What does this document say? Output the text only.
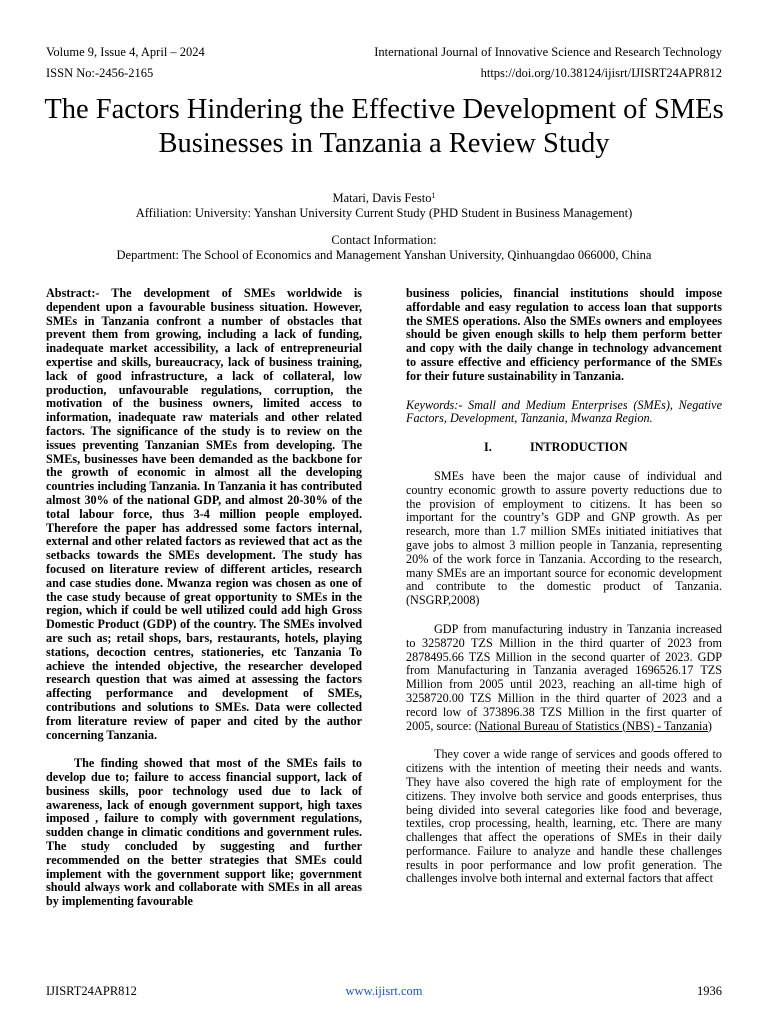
Volume 9, Issue 4, April – 2024	International Journal of Innovative Science and Research Technology
ISSN No:-2456-2165	https://doi.org/10.38124/ijisrt/IJISRT24APR812
The Factors Hindering the Effective Development of SMEs Businesses in Tanzania a Review Study
Matari, Davis Festo$^1$
Affiliation: University: Yanshan University Current Study (PHD Student in Business Management)
Contact Information:
Department: The School of Economics and Management Yanshan University, Qinhuangdao 066000, China

Abstract:- The development of SMEs worldwide is dependent upon a favourable business situation. However, SMEs in Tanzania confront a number of obstacles that prevent them from growing, including a lack of funding, inadequate market accessibility, a lack of entrepreneurial expertise and skills, bureaucracy, lack of business training, lack of good infrastructure, a lack of collateral, low production, unfavourable regulations, corruption, the motivation of the business owners, limited access to information, inadequate raw materials and other related factors. The significance of the study is to review on the issues preventing Tanzanian SMEs from developing. The SMEs, businesses have been demanded as the backbone for the growth of economic in almost all the developing countries including Tanzania. In Tanzania it has contributed almost 30% of the national GDP, and almost 20-30% of the total labour force, thus 3-4 million people employed. Therefore the paper has addressed some factors internal, external and other related factors as reviewed that act as the setbacks towards the SMEs development. The study has focused on literature review of different articles, research and case studies done. Mwanza region was chosen as one of the case study because of great opportunity to SMEs in the region, which if could be well utilized could add high Gross Domestic Product (GDP) of the country. The SMEs involved are such as; retail shops, bars, restaurants, hotels, playing stations, decoction centres, stationeries, etc Tanzania To achieve the intended objective, the researcher developed research question that was aimed at assessing the factors affecting performance and development of SMEs, contributions and solutions to SMEs. Data were collected from literature review of paper and cited by the author concerning Tanzania.

The finding showed that most of the SMEs fails to develop due to; failure to access financial support, lack of business skills, poor technology used due to lack of awareness, lack of enough government support, high taxes imposed , failure to comply with government regulations, sudden change in climatic conditions and government rules. The study concluded by suggesting and further recommended on the better strategies that SMEs could implement with the government support like; government should always work and collaborate with SMEs in all areas by implementing favourable

business policies, financial institutions should impose affordable and easy regulation to access loan that supports the SMES operations. Also the SMEs owners and employees should be given enough skills to help them perform better and copy with the daily change in technology advancement to assure effective and efficiency performance of the SMEs for their future sustainability in Tanzania.

Keywords:- Small and Medium Enterprises (SMEs), Negative Factors, Development, Tanzania, Mwanza Region.

I.	INTRODUCTION

SMEs have been the major cause of individual and country economic growth to assure poverty reductions due to the provision of employment to citizens. It has been so important for the country’s GDP and GNP growth. As per research, more than 1.7 million SMEs initiated initiatives that gave jobs to almost 3 million people in Tanzania, representing 20% of the work force in Tanzania. According to the research, many SMEs are an important source for economic development and contribute to the domestic product of Tanzania. (NSGRP,2008)

GDP from manufacturing industry in Tanzania increased to 3258720 TZS Million in the third quarter of 2023 from 2878495.66 TZS Million in the second quarter of 2023. GDP from Manufacturing in Tanzania averaged 1696526.17 TZS Million from 2005 until 2023, reaching an all-time high of 3258720.00 TZS Million in the third quarter of 2023 and a record low of 373896.38 TZS Million in the first quarter of 2005, source: (National Bureau of Statistics (NBS) - Tanzania)

They cover a wide range of services and goods offered to citizens with the intention of meeting their needs and wants. They have also covered the high rate of employment for the citizens. They involve both service and goods enterprises, thus being divided into several categories like food and beverage, textiles, crop processing, health, learning, etc. There are many challenges that affect the operations of SMEs in their daily performance. Failure to analyze and handle these challenges results in poor performance and low profit generation. The challenges involve both internal and external factors that affect

IJISRT24APR812	www.ijisrt.com	1936
